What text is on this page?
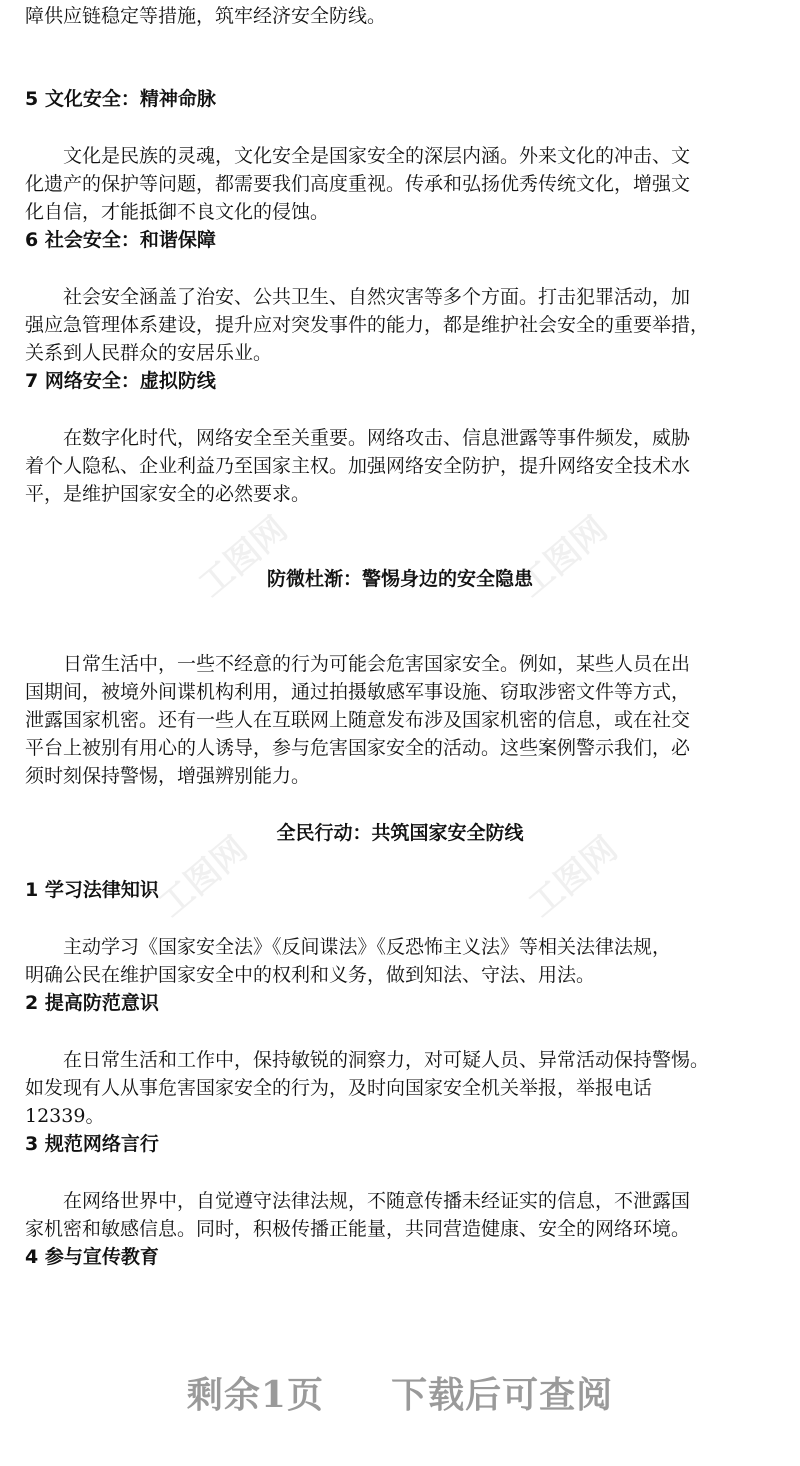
工图网	工图网
工图网	工图网
障供应链稳定等措施，筑牢经济安全防线。
5 文化安全：精神命脉
　　文化是民族的灵魂，文化安全是国家安全的深层内涵。外来文化的冲击、文
化遗产的保护等问题，都需要我们高度重视。传承和弘扬优秀传统文化，增强文
化自信，才能抵御不良文化的侵蚀。
6 社会安全：和谐保障
　　社会安全涵盖了治安、公共卫生、自然灾害等多个方面。打击犯罪活动，加
强应急管理体系建设，提升应对突发事件的能力，都是维护社会安全的重要举措，
关系到人民群众的安居乐业。
7 网络安全：虚拟防线
　　在数字化时代，网络安全至关重要。网络攻击、信息泄露等事件频发，威胁
着个人隐私、企业利益乃至国家主权。加强网络安全防护，提升网络安全技术水
平，是维护国家安全的必然要求。
防微杜渐：警惕身边的安全隐患
　　日常生活中，一些不经意的行为可能会危害国家安全。例如，某些人员在出
国期间，被境外间谍机构利用，通过拍摄敏感军事设施、窃取涉密文件等方式，
泄露国家机密。还有一些人在互联网上随意发布涉及国家机密的信息，或在社交
平台上被别有用心的人诱导，参与危害国家安全的活动。这些案例警示我们，必
须时刻保持警惕，增强辨别能力。
全民行动：共筑国家安全防线
1 学习法律知识
　　主动学习《国家安全法》《反间谍法》《反恐怖主义法》等相关法律法规，
明确公民在维护国家安全中的权利和义务，做到知法、守法、用法。
2 提高防范意识
　　在日常生活和工作中，保持敏锐的洞察力，对可疑人员、异常活动保持警惕。
如发现有人从事危害国家安全的行为，及时向国家安全机关举报，举报电话
12339。
3 规范网络言行
　　在网络世界中，自觉遵守法律法规，不随意传播未经证实的信息，不泄露国
家机密和敏感信息。同时，积极传播正能量，共同营造健康、安全的网络环境。
4 参与宣传教育
剩余1页 下载后可查阅
